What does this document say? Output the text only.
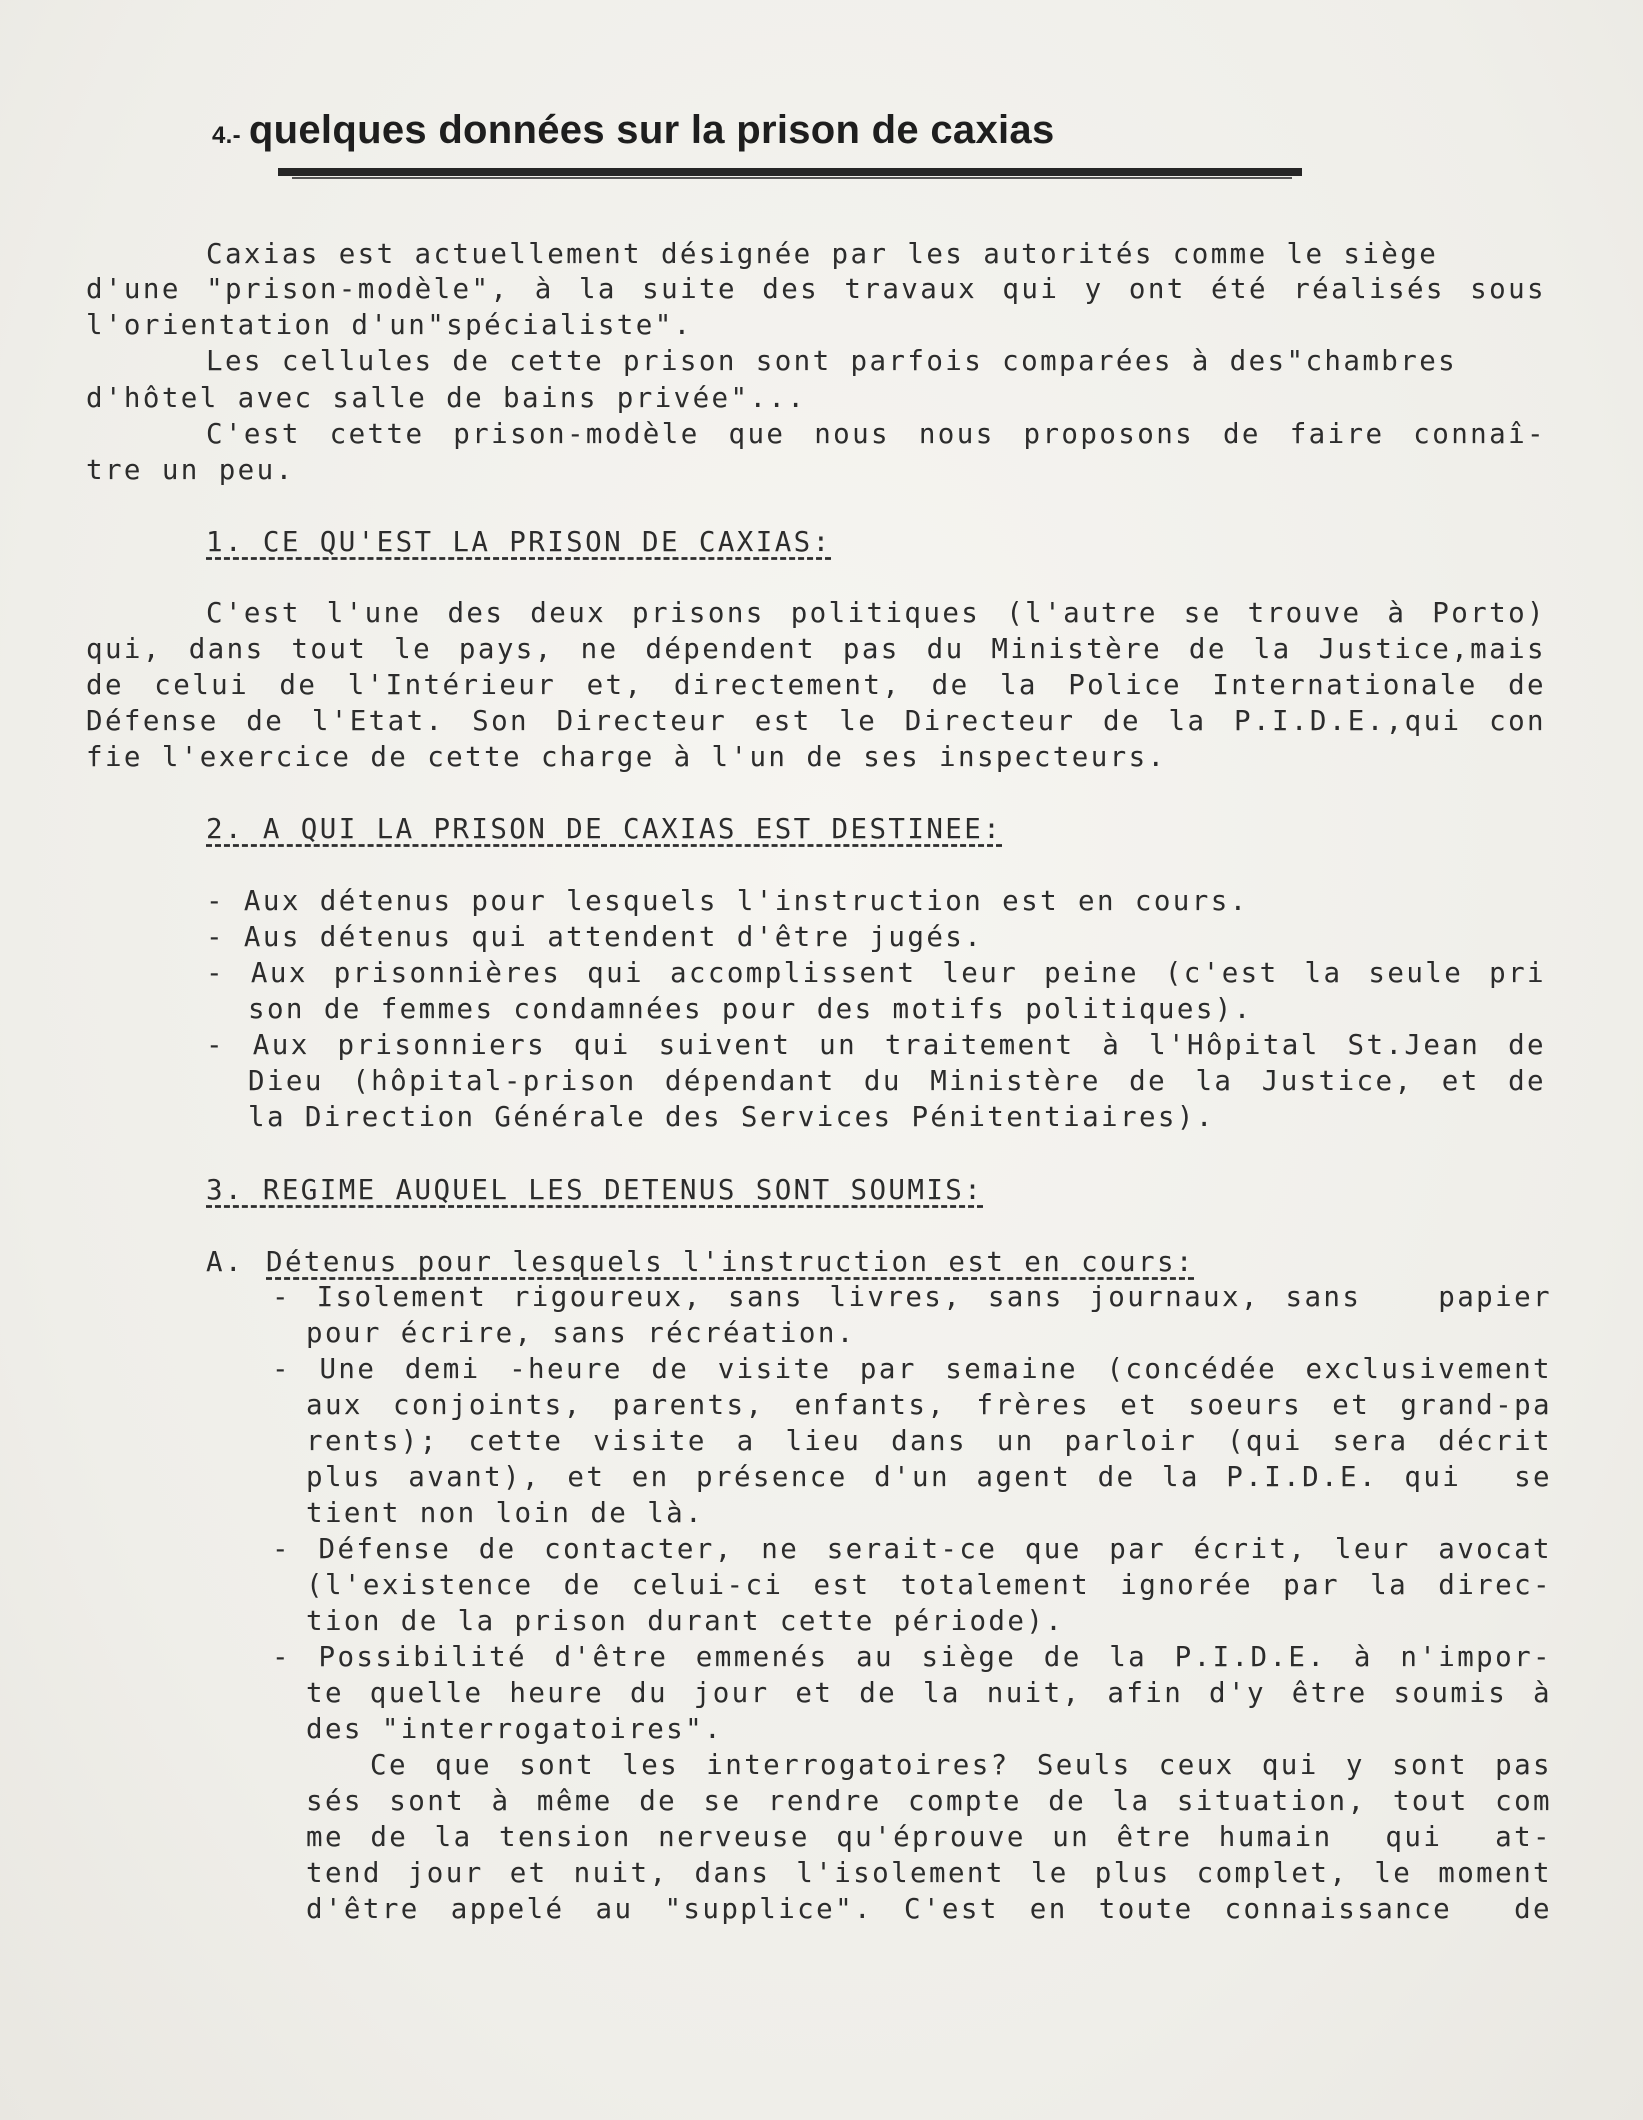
4.- quelques données sur la prison de caxias
Caxias est actuellement désignée par les autorités comme le siège
d'une "prison-modèle", à la suite des travaux qui y ont été réalisés sous
l'orientation d'un"spécialiste".
Les cellules de cette prison sont parfois comparées à des"chambres
d'hôtel avec salle de bains privée"...
C'est cette prison-modèle que nous nous proposons de faire connaî-
tre un peu.
1. CE QU'EST LA PRISON DE CAXIAS:
C'est l'une des deux prisons politiques (l'autre se trouve à Porto)
qui, dans tout le pays, ne dépendent pas du Ministère de la Justice,mais
de celui de l'Intérieur et, directement, de la Police Internationale de
Défense de l'Etat. Son Directeur est le Directeur de la P.I.D.E.,qui con
fie l'exercice de cette charge à l'un de ses inspecteurs.
2. A QUI LA PRISON DE CAXIAS EST DESTINEE:
- Aux détenus pour lesquels l'instruction est en cours.
- Aus détenus qui attendent d'être jugés.
- Aux prisonnières qui accomplissent leur peine (c'est la seule pri
son de femmes condamnées pour des motifs politiques).
- Aux prisonniers qui suivent un traitement à l'Hôpital St.Jean de
Dieu (hôpital-prison dépendant du Ministère de la Justice, et de
la Direction Générale des Services Pénitentiaires).
3. REGIME AUQUEL LES DETENUS SONT SOUMIS:
A. Détenus pour lesquels l'instruction est en cours:
- Isolement rigoureux, sans livres, sans journaux, sans   papier
pour écrire, sans récréation.
- Une demi -heure de visite par semaine (concédée exclusivement
aux conjoints, parents, enfants, frères et soeurs et grand-pa
rents); cette visite a lieu dans un parloir (qui sera décrit
plus avant), et en présence d'un agent de la P.I.D.E. qui  se
tient non loin de là.
- Défense de contacter, ne serait-ce que par écrit, leur avocat
(l'existence de celui-ci est totalement ignorée par la direc-
tion de la prison durant cette période).
- Possibilité d'être emmenés au siège de la P.I.D.E. à n'impor-
te quelle heure du jour et de la nuit, afin d'y être soumis à
des "interrogatoires".
Ce que sont les interrogatoires? Seuls ceux qui y sont pas
sés sont à même de se rendre compte de la situation, tout com
me de la tension nerveuse qu'éprouve un être humain  qui  at-
tend jour et nuit, dans l'isolement le plus complet, le moment
d'être appelé au "supplice". C'est en toute connaissance  de
